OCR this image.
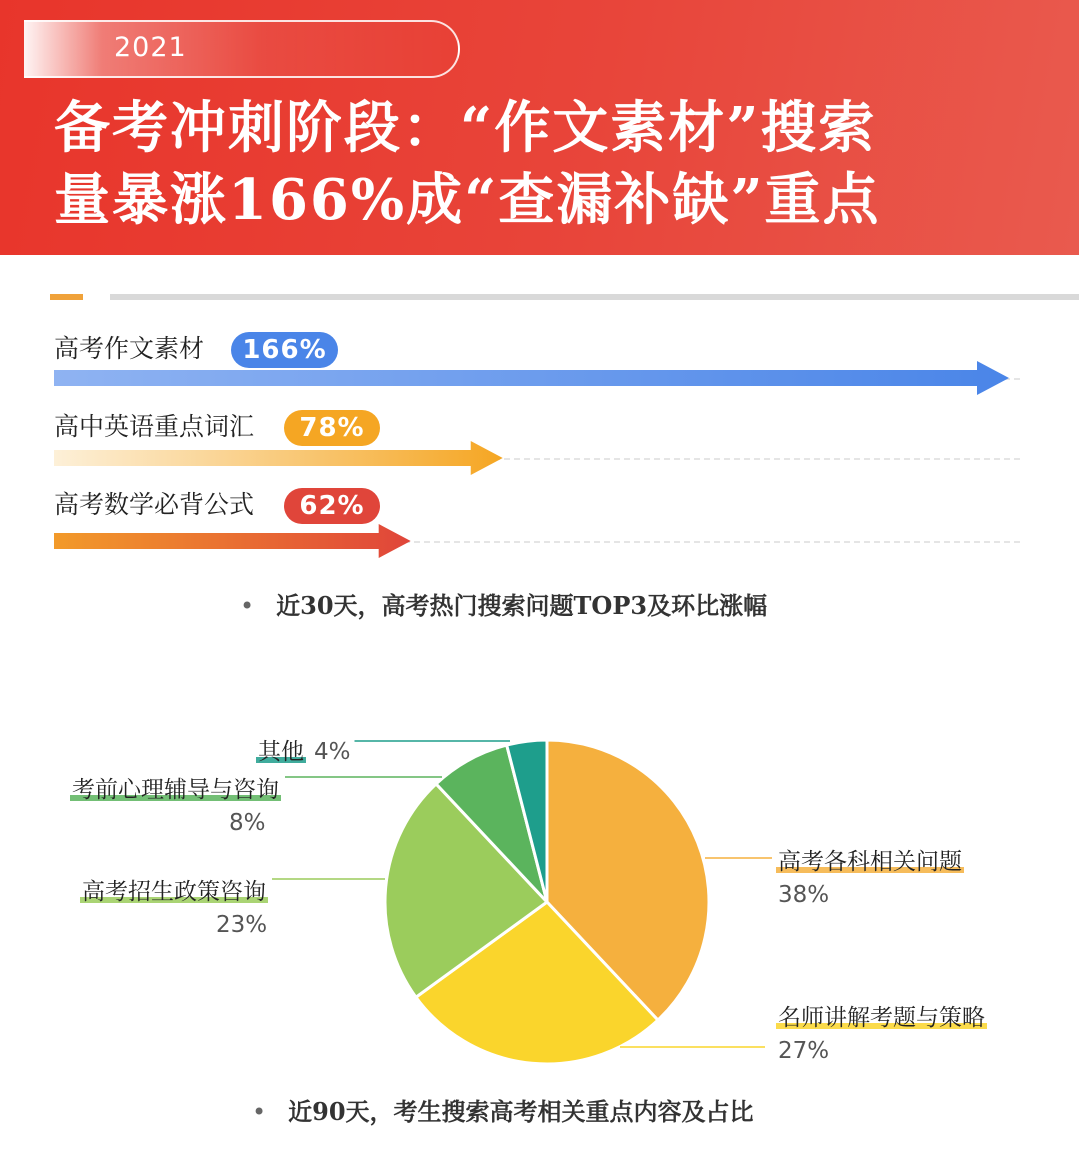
2021
备考冲刺阶段：“作文素材”搜索
量暴涨166%成“查漏补缺”重点
高考作文素材	166%
高中英语重点词汇	78%
高考数学必背公式	62%
• 近30天，高考热门搜索问题TOP3及环比涨幅
高考各科相关问题
38%
名师讲解考题与策略
27%
高考招生政策咨询
23%
考前心理辅导与咨询
8%
其他 4%
• 近90天，考生搜索高考相关重点内容及占比
